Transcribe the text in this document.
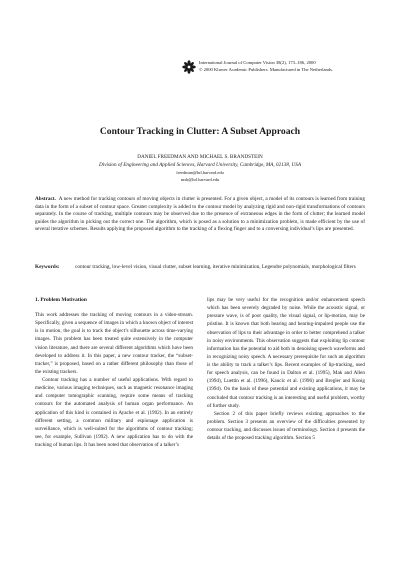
International Journal of Computer Vision 38(2), 173–186, 2000
© 2000 Kluwer Academic Publishers. Manufactured in The Netherlands.
Contour Tracking in Clutter: A Subset Approach
DANIEL FREEDMAN AND MICHAEL S. BRANDSTEIN
Division of Engineering and Applied Sciences, Harvard University, Cambridge, MA, 02138, USA
freedman@hrl.harvard.edu
msb@hrl.harvard.edu

Abstract. A new method for tracking contours of moving objects in clutter is presented. For a given object, a model of its contours is learned from training data in the form of a subset of contour space. Greater complexity is added to the contour model by analyzing rigid and non-rigid transformations of contours separately. In the course of tracking, multiple contours may be observed due to the presence of extraneous edges in the form of clutter; the learned model guides the algorithm in picking out the correct one. The algorithm, which is posed as a solution to a minimization problem, is made efficient by the use of several iterative schemes. Results applying the proposed algorithm to the tracking of a flexing finger and to a conversing individual’s lips are presented.

Keywords:	contour tracking, low-level vision, visual clutter, subset learning, iterative minimization, Legendre polynomials, morphological filters

1. Problem Motivation

This work addresses the tracking of moving contours in a video-stream. Specifically, given a sequence of images in which a known object of interest is in motion, the goal is to track the object’s silhouette across time-varying images. This problem has been treated quite extensively in the computer vision literature, and there are several different algorithms which have been developed to address it. In this paper, a new contour tracker, the “subset-tracker,” is proposed, based on a rather different philosophy than those of the existing trackers.

Contour tracking has a number of useful applications. With regard to medicine, various imaging techniques, such as magnetic resonance imaging and computer tomographic scanning, require some means of tracking contours for the automated analysis of human organ performance. An application of this kind is contained in Ayache et al. (1992). In an entirely different setting, a common military and espionage application is surveillance, which is well-suited for the algorithms of contour tracking; see, for example, Sullivan (1992). A new application has to do with the tracking of human lips. It has been noted that observation of a talker’s

lips may be very useful for the recognition and/or enhancement speech which has been severely degraded by noise. While the acoustic signal, or pressure wave, is of poor quality, the visual signal, or lip-motion, may be pristine. It is known that both hearing and hearing-impaired people use the observation of lips to their advantage in order to better comprehend a talker in noisy environments. This observation suggests that exploiting lip contour information has the potential to aid both in denoising speech waveforms and in recognizing noisy speech. A necessary prerequisite for such an algorithm is the ability to track a talker’s lips. Recent examples of lip-tracking, used for speech analysis, can be found in Dalton et al. (1995), Mak and Allen (1994), Luettin et al. (1996), Kaucic et al. (1996) and Bregler and Konig (1994). On the basis of these potential and existing applications, it may be concluded that contour tracking is an interesting and useful problem, worthy of further study.

Section 2 of this paper briefly reviews existing approaches to the problem. Section 3 presents an overview of the difficulties presented by contour tracking, and discusses issues of terminology. Section 4 presents the details of the proposed tracking algorithm. Section 5
